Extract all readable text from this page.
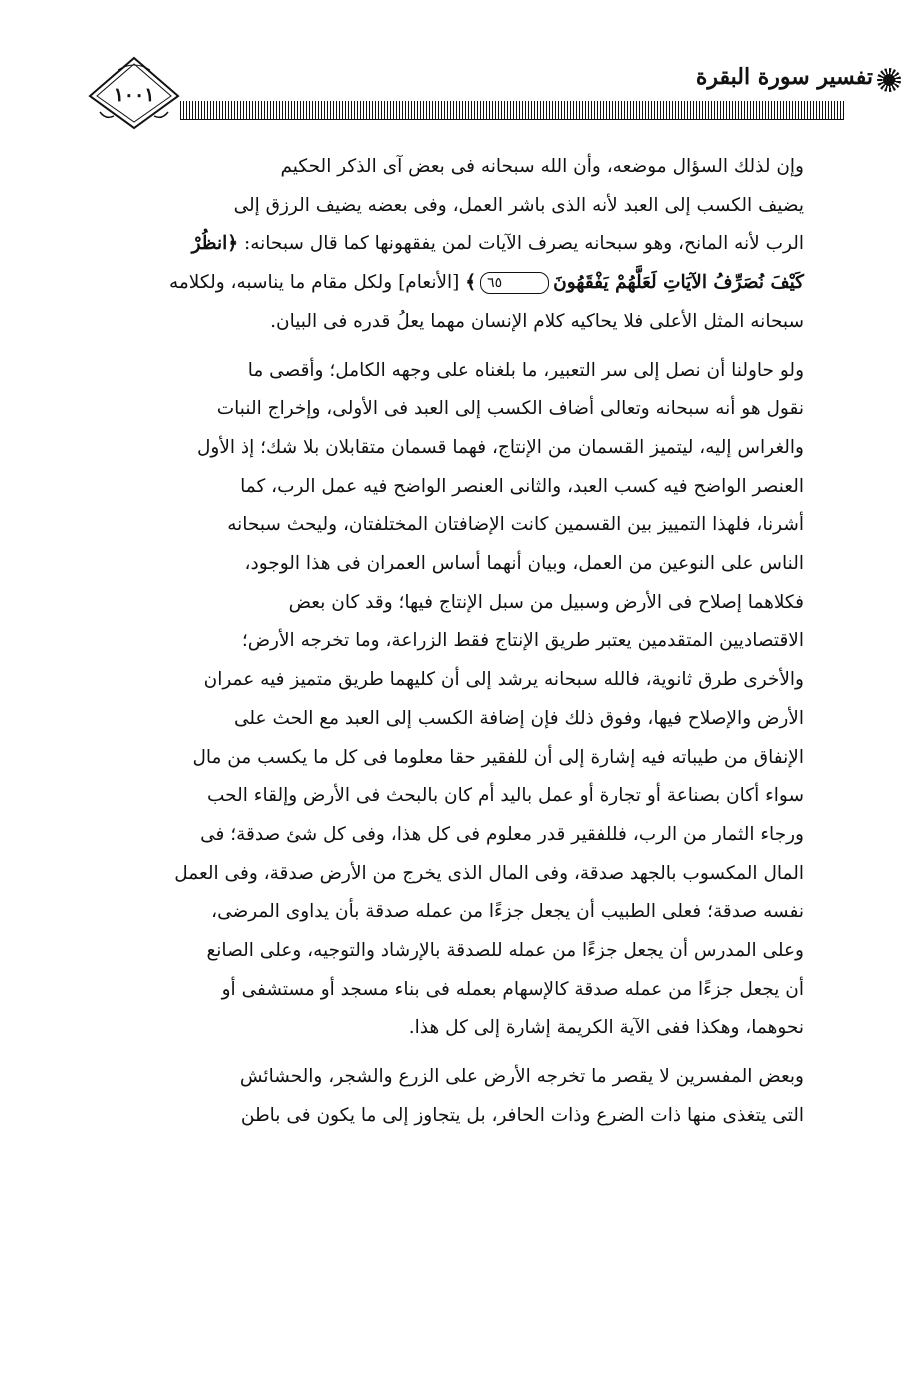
١٠٠١
تفسير سورة البقرة

وإن لذلك السؤال موضعه، وأن الله سبحانه فى بعض آى الذكر الحكيم
يضيف الكسب إلى العبد لأنه الذى باشر العمل، وفى بعضه يضيف الرزق إلى
الرب لأنه المانح، وهو سبحانه يصرف الآيات لمن يفقهونها كما قال سبحانه: ﴿انظُرْ
كَيْفَ نُصَرِّفُ الآيَاتِ لَعَلَّهُمْ يَفْقَهُونَ٦٥﴾ [الأنعام] ولكل مقام ما يناسبه، ولكلامه
سبحانه المثل الأعلى فلا يحاكيه كلام الإنسان مهما يعلُ قدره فى البيان.

ولو حاولنا أن نصل إلى سر التعبير، ما بلغناه على وجهه الكامل؛ وأقصى ما
نقول هو أنه سبحانه وتعالى أضاف الكسب إلى العبد فى الأولى، وإخراج النبات
والغراس إليه، ليتميز القسمان من الإنتاج، فهما قسمان متقابلان بلا شك؛ إذ الأول
العنصر الواضح فيه كسب العبد، والثانى العنصر الواضح فيه عمل الرب، كما
أشرنا، فلهذا التمييز بين القسمين كانت الإضافتان المختلفتان، وليحث سبحانه
الناس على النوعين من العمل، وبيان أنهما أساس العمران فى هذا الوجود،
فكلاهما إصلاح فى الأرض وسبيل من سبل الإنتاج فيها؛ وقد كان بعض
الاقتصاديين المتقدمين يعتبر طريق الإنتاج فقط الزراعة، وما تخرجه الأرض؛
والأخرى طرق ثانوية، فالله سبحانه يرشد إلى أن كليهما طريق متميز فيه عمران
الأرض والإصلاح فيها، وفوق ذلك فإن إضافة الكسب إلى العبد مع الحث على
الإنفاق من طيباته فيه إشارة إلى أن للفقير حقا معلوما فى كل ما يكسب من مال
سواء أكان بصناعة أو تجارة أو عمل باليد أم كان بالبحث فى الأرض وإلقاء الحب
ورجاء الثمار من الرب، فللفقير قدر معلوم فى كل هذا، وفى كل شئ صدقة؛ فى
المال المكسوب بالجهد صدقة، وفى المال الذى يخرج من الأرض صدقة، وفى العمل
نفسه صدقة؛ فعلى الطبيب أن يجعل جزءًا من عمله صدقة بأن يداوى المرضى،
وعلى المدرس أن يجعل جزءًا من عمله للصدقة بالإرشاد والتوجيه، وعلى الصانع
أن يجعل جزءًا من عمله صدقة كالإسهام بعمله فى بناء مسجد أو مستشفى أو
نحوهما، وهكذا ففى الآية الكريمة إشارة إلى كل هذا.

وبعض المفسرين لا يقصر ما تخرجه الأرض على الزرع والشجر، والحشائش
التى يتغذى منها ذات الضرع وذات الحافر، بل يتجاوز إلى ما يكون فى باطن
